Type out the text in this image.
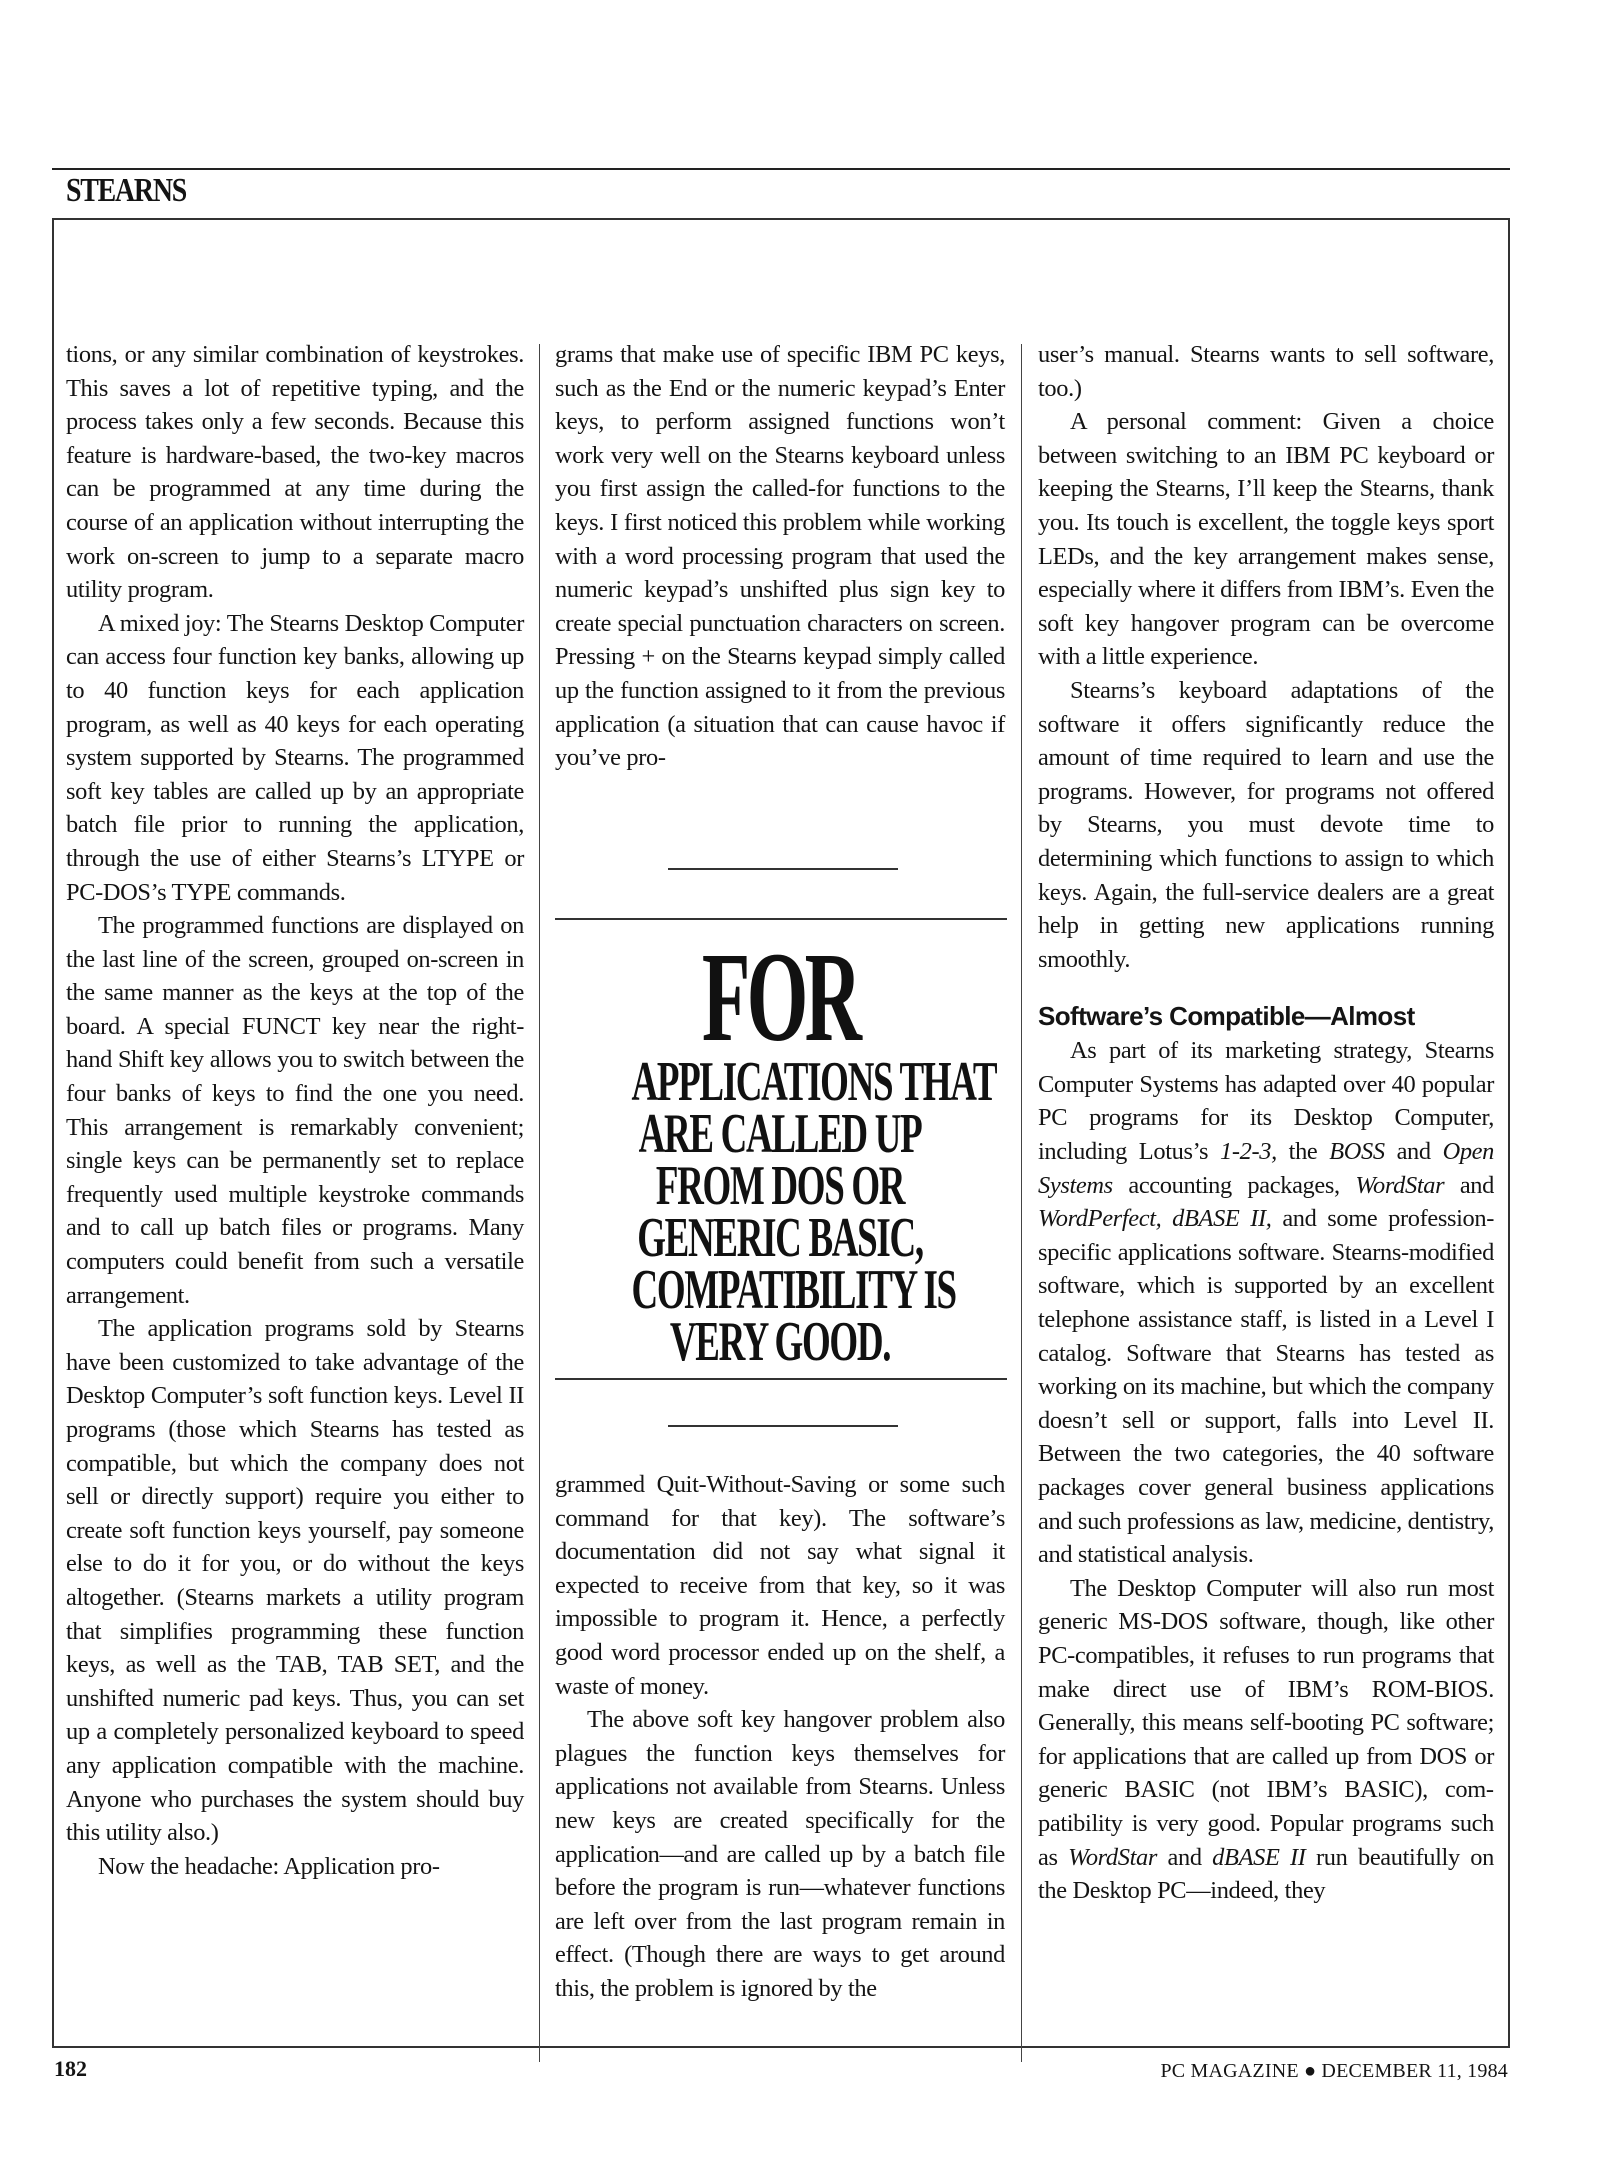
STEARNS

tions, or any similar combination of keystrokes. This saves a lot of repetitive typing, and the process takes only a few seconds. Because this feature is hardware-based, the two-key macros can be programmed at any time during the course of an application without interrupting the work on-screen to jump to a separate macro utility program.

A mixed joy: The Stearns Desktop Computer can access four function key banks, allowing up to 40 function keys for each application program, as well as 40 keys for each operating system supported by Stearns. The programmed soft key tables are called up by an appropriate batch file prior to running the application, through the use of either Stearns’s LTYPE or PC-DOS’s TYPE commands.

The programmed functions are displayed on the last line of the screen, grouped on-screen in the same manner as the keys at the top of the board. A special FUNCT key near the right-hand Shift key allows you to switch between the four banks of keys to find the one you need. This arrangement is remarkably convenient; single keys can be permanently set to replace frequently used multiple keystroke commands and to call up batch files or programs. Many computers could benefit from such a versatile arrangement.

The application programs sold by Stearns have been customized to take advantage of the Desktop Computer’s soft function keys. Level II programs (those which Stearns has tested as compatible, but which the company does not sell or directly support) require you either to create soft function keys yourself, pay someone else to do it for you, or do without the keys altogether. (Stearns markets a utility program that simplifies programming these function keys, as well as the TAB, TAB SET, and the unshifted numeric pad keys. Thus, you can set up a completely personalized keyboard to speed any application compatible with the machine. Anyone who purchases the system should buy this utility also.)

Now the headache: Application pro-

grams that make use of specific IBM PC keys, such as the End or the numeric keypad’s Enter keys, to perform assigned functions won’t work very well on the Stearns keyboard unless you first assign the called-for functions to the keys. I first noticed this problem while working with a word processing program that used the numeric keypad’s unshifted plus sign key to create special punctuation characters on screen. Pressing + on the Stearns keypad simply called up the function assigned to it from the previous application (a situation that can cause havoc if you’ve pro-

FOR
APPLICATIONS THAT
ARE CALLED UP
FROM DOS OR
GENERIC BASIC,
COMPATIBILITY IS
VERY GOOD.

grammed Quit-Without-Saving or some such command for that key). The software’s documentation did not say what signal it expected to receive from that key, so it was impossible to program it. Hence, a perfectly good word processor ended up on the shelf, a waste of money.

The above soft key hangover problem also plagues the function keys themselves for applications not available from Stearns. Unless new keys are created specifically for the application—and are called up by a batch file before the program is run—whatever functions are left over from the last program remain in effect. (Though there are ways to get around this, the problem is ignored by the

user’s manual. Stearns wants to sell software, too.)

A personal comment: Given a choice between switching to an IBM PC keyboard or keeping the Stearns, I’ll keep the Stearns, thank you. Its touch is excellent, the toggle keys sport LEDs, and the key arrangement makes sense, especially where it differs from IBM’s. Even the soft key hangover program can be overcome with a little experience.

Stearns’s keyboard adaptations of the software it offers significantly reduce the amount of time required to learn and use the programs. However, for programs not offered by Stearns, you must devote time to determining which functions to assign to which keys. Again, the full-service dealers are a great help in getting new applications running smoothly.

Software’s Compatible—Almost

As part of its marketing strategy, Stearns Computer Systems has adapted over 40 popular PC programs for its Desktop Computer, including Lotus’s 1-2-3, the BOSS and Open Systems accounting packages, WordStar and WordPerfect, dBASE II, and some profession-specific applications software. Stearns-modified software, which is supported by an excellent telephone assistance staff, is listed in a Level I catalog. Software that Stearns has tested as working on its machine, but which the company doesn’t sell or support, falls into Level II. Between the two categories, the 40 software packages cover general business applications and such professions as law, medicine, dentistry, and statistical analysis.

The Desktop Computer will also run most generic MS-DOS software, though, like other PC-compatibles, it refuses to run programs that make direct use of IBM’s ROM-BIOS. Generally, this means self-booting PC software; for applications that are called up from DOS or generic BASIC (not IBM’s BASIC), compatibility is very good. Popular programs such as WordStar and dBASE II run beautifully on the Desktop PC—indeed, they

182	PC MAGAZINE ● DECEMBER 11, 1984
